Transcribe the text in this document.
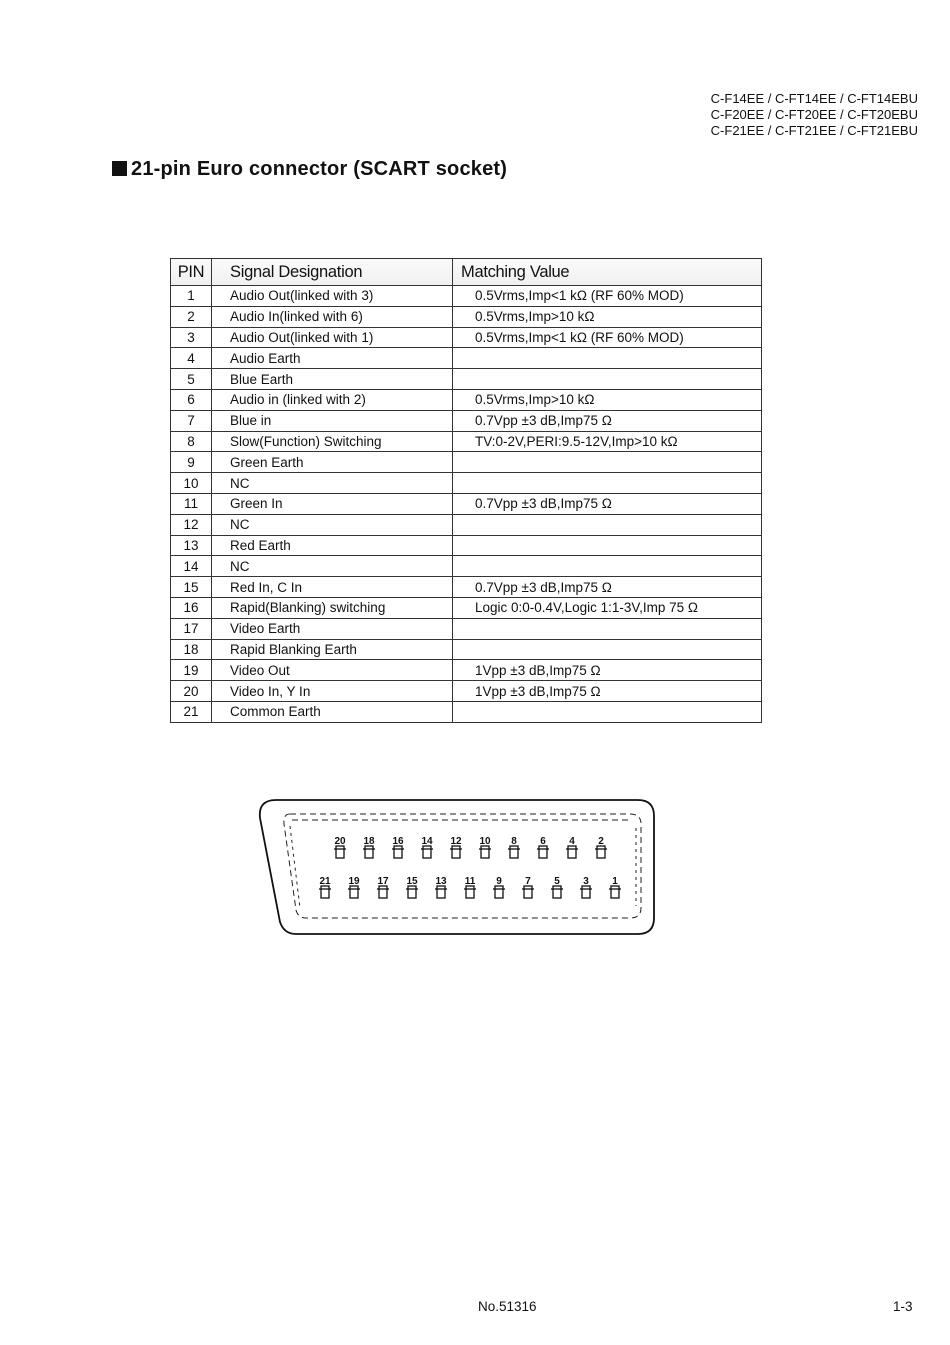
C-F14EE / C-FT14EE / C-FT14EBU
C-F20EE / C-FT20EE / C-FT20EBU
C-F21EE / C-FT21EE / C-FT21EBU
21-pin Euro connector (SCART socket)
PIN	Signal Designation	Matching Value
1	Audio Out(linked with 3)	0.5Vrms,Imp<1 kΩ (RF 60% MOD)
2	Audio In(linked with 6)	0.5Vrms,Imp>10 kΩ
3	Audio Out(linked with 1)	0.5Vrms,Imp<1 kΩ (RF 60% MOD)
4	Audio Earth	
5	Blue Earth	
6	Audio in (linked with 2)	0.5Vrms,Imp>10 kΩ
7	Blue in	0.7Vpp ±3 dB,Imp75 Ω
8	Slow(Function) Switching	TV:0-2V,PERI:9.5-12V,Imp>10 kΩ
9	Green Earth	
10	NC	
11	Green In	0.7Vpp ±3 dB,Imp75 Ω
12	NC	
13	Red Earth	
14	NC	
15	Red In, C In	0.7Vpp ±3 dB,Imp75 Ω
16	Rapid(Blanking) switching	Logic 0:0-0.4V,Logic 1:1-3V,Imp 75 Ω
17	Video Earth	
18	Rapid Blanking Earth	
19	Video Out	1Vpp ±3 dB,Imp75 Ω
20	Video In, Y In	1Vpp ±3 dB,Imp75 Ω
21	Common Earth	
20 18 16 14 12 10 8 6 4 2
21 19 17 15 13 11 9 7 5 3 1
No.51316	1-3
